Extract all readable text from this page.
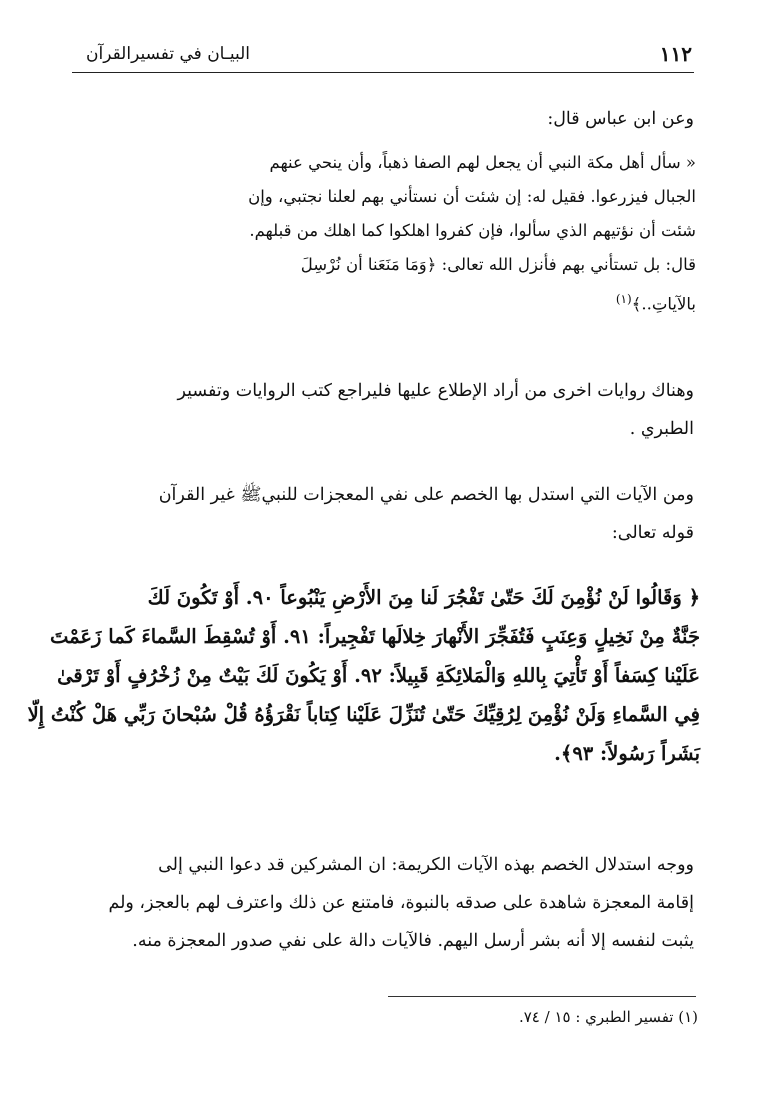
١١٢
البيـان في تفسيرالقرآن
وعن ابن عباس قال:
« سأل أهل مكة النبي أن يجعل لهم الصفا ذهباً، وأن ينحي عنهم
الجبال فيزرعوا. فقيل له: إن شئت أن نستأني بهم لعلنا نجتبي، وإن
شئت أن نؤتيهم الذي سألوا، فإن كفروا اهلكوا كما اهلك من قبلهم.
قال: بل تستأني بهم فأنزل الله تعالى: ﴿وَمَا مَنَعَنا أن نُرْسِلَ
بالآياتِ..﴾$^{(١)}$
وهناك روايات اخرى من أراد الإطلاع عليها فليراجع كتب الروايات وتفسير
الطبري .
ومن الآيات التي استدل بها الخصم على نفي المعجزات للنبيﷺ غير القرآن
قوله تعالى:
﴿ وَقَالُوا لَنْ نُؤْمِنَ لَكَ حَتّىٰ تَفْجُرَ لَنا مِنَ الأَرْضِ يَنْبُوعاً ٩٠. أَوْ تَكُونَ لَكَ
جَنَّةٌ مِنْ نَخِيلٍ وَعِنَبٍ فَتُفَجِّرَ الأَنْهارَ خِلالَها تَفْجِيراً: ٩١. أَوْ تُسْقِطَ السَّماءَ كَما زَعَمْتَ
عَلَيْنا كِسَفاً أَوْ تَأْتِيَ بِاللهِ وَالْمَلائِكَةِ قَبِيلاً: ٩٢. أَوْ يَكُونَ لَكَ بَيْتٌ مِنْ زُخْرُفٍ أَوْ تَرْقىٰ
فِي السَّماءِ وَلَنْ نُؤْمِنَ لِرُقِيِّكَ حَتّىٰ تُنَزِّلَ عَلَيْنا كِتاباً نَقْرَؤُهُ قُلْ سُبْحانَ رَبِّي هَلْ كُنْتُ إِلّا
بَشَراً رَسُولاً: ٩٣﴾.
ووجه استدلال الخصم بهذه الآيات الكريمة: ان المشركين قد دعوا النبي إلى
إقامة المعجزة شاهدة على صدقه بالنبوة، فامتنع عن ذلك واعترف لهم بالعجز، ولم
يثبت لنفسه إلا أنه بشر أرسل اليهم. فالآيات دالة على نفي صدور المعجزة منه.
(١) تفسير الطبري : ١٥ / ٧٤.
